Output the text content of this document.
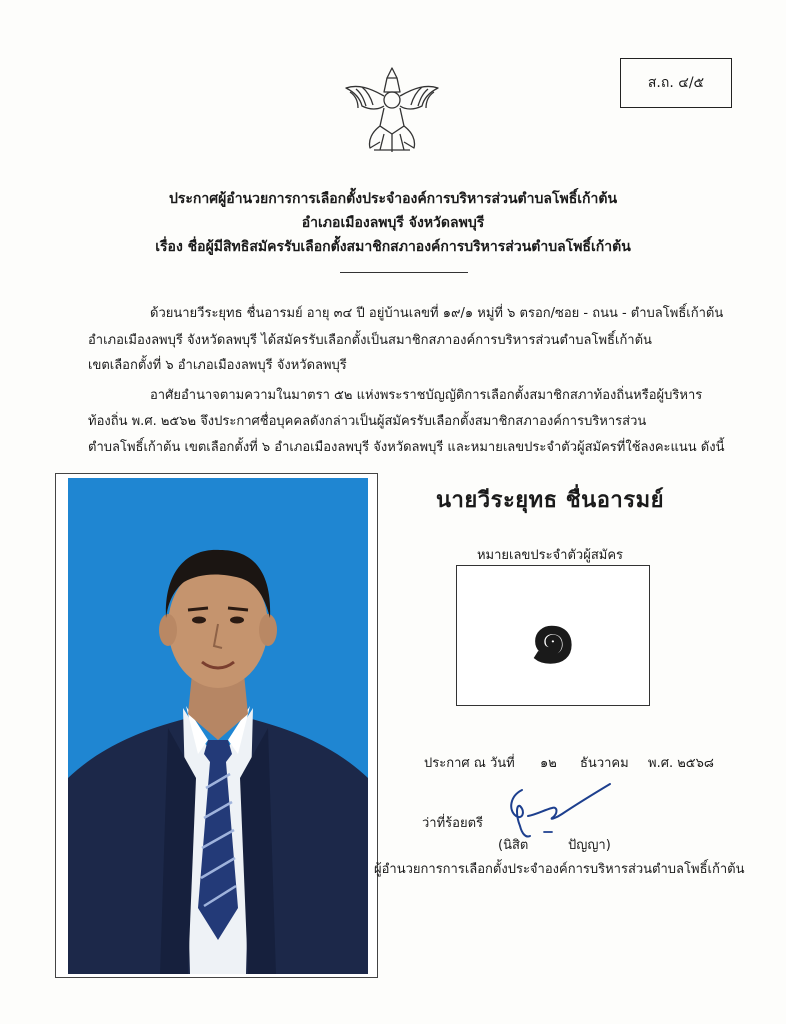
ส.ถ. ๔/๕
ประกาศผู้อำนวยการการเลือกตั้งประจำองค์การบริหารส่วนตำบลโพธิ์เก้าต้น
อำเภอเมืองลพบุรี จังหวัดลพบุรี
เรื่อง ชื่อผู้มีสิทธิสมัครรับเลือกตั้งสมาชิกสภาองค์การบริหารส่วนตำบลโพธิ์เก้าต้น
ด้วยนายวีระยุทธ ชื่นอารมย์ อายุ ๓๔ ปี อยู่บ้านเลขที่ ๑๙/๑ หมู่ที่ ๖ ตรอก/ซอย - ถนน - ตำบลโพธิ์เก้าต้น
อำเภอเมืองลพบุรี จังหวัดลพบุรี ได้สมัครรับเลือกตั้งเป็นสมาชิกสภาองค์การบริหารส่วนตำบลโพธิ์เก้าต้น
เขตเลือกตั้งที่ ๖ อำเภอเมืองลพบุรี จังหวัดลพบุรี
อาศัยอำนาจตามความในมาตรา ๕๒ แห่งพระราชบัญญัติการเลือกตั้งสมาชิกสภาท้องถิ่นหรือผู้บริหาร
ท้องถิ่น พ.ศ. ๒๕๖๒ จึงประกาศชื่อบุคคลดังกล่าวเป็นผู้สมัครรับเลือกตั้งสมาชิกสภาองค์การบริหารส่วน
ตำบลโพธิ์เก้าต้น เขตเลือกตั้งที่ ๖ อำเภอเมืองลพบุรี จังหวัดลพบุรี และหมายเลขประจำตัวผู้สมัครที่ใช้ลงคะแนน ดังนี้
นายวีระยุทธ ชื่นอารมย์
หมายเลขประจำตัวผู้สมัคร
๑
ประกาศ ณ วันที่ ๑๒ ธันวาคม พ.ศ. ๒๕๖๘
ว่าที่ร้อยตรี
(นิสิต	ปัญญา)
ผู้อำนวยการการเลือกตั้งประจำองค์การบริหารส่วนตำบลโพธิ์เก้าต้น
